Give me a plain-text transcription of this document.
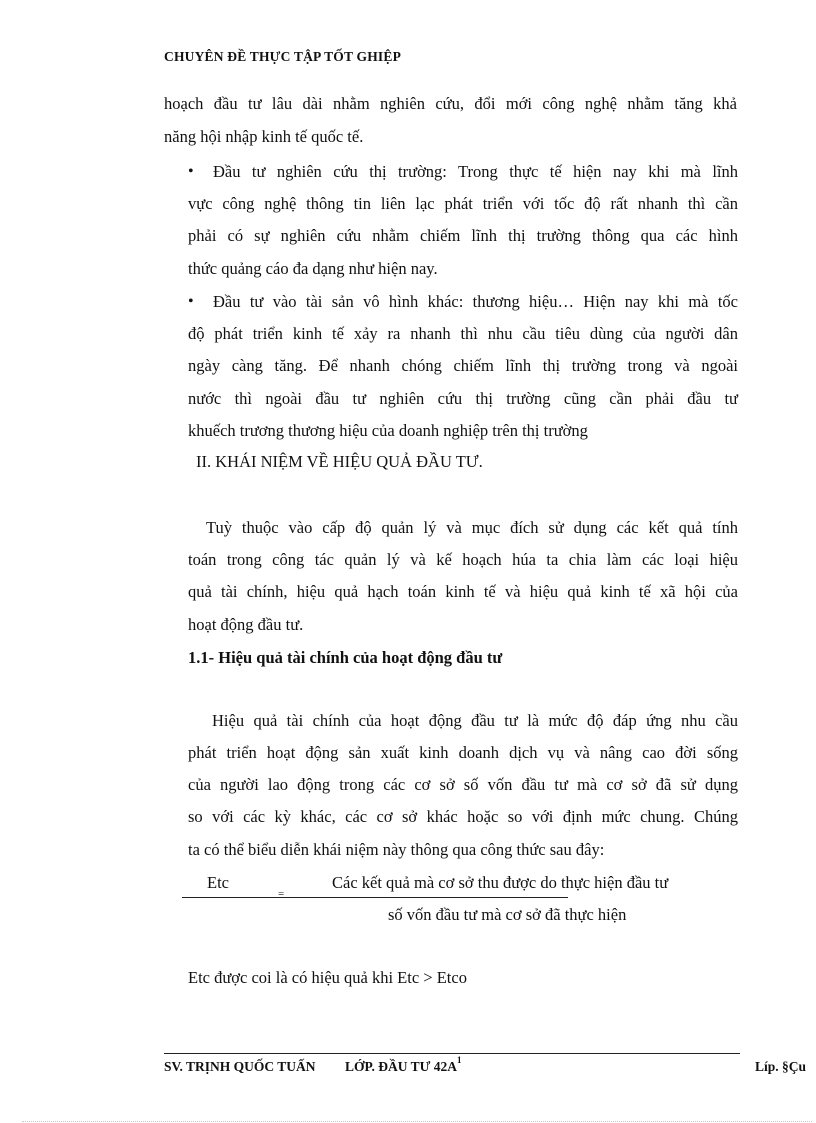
CHUYÊN ĐỀ THỰC TẬP TỐT GHIỆP
hoạch đầu tư lâu dài nhằm nghiên cứu, đổi mới công nghệ nhằm tăng khả
năng hội nhập kinh tế quốc tế.
• Đầu tư nghiên cứu thị trường: Trong thực tế hiện nay khi mà lĩnh
vực công nghệ thông tin liên lạc phát triển với tốc độ rất nhanh thì cần
phải có sự nghiên cứu nhằm chiếm lĩnh thị trường thông qua các hình
thức quảng cáo đa dạng như hiện nay.
• Đầu tư vào tài sản vô hình khác: thương hiệu… Hiện nay khi mà tốc
độ phát triển kinh tế xảy ra nhanh thì nhu cầu tiêu dùng của người dân
ngày càng tăng. Để nhanh chóng chiếm lĩnh thị trường trong và ngoài
nước thì ngoài đầu tư nghiên cứu thị trường cũng cần phải đầu tư
khuếch trương thương hiệu của doanh nghiệp trên thị trường
II. KHÁI NIỆM VỀ HIỆU QUẢ ĐẦU TƯ.
Tuỳ thuộc vào cấp độ quản lý và mục đích sử dụng các kết quả tính
toán trong công tác quản lý và kế hoạch húa ta chia làm các loại hiệu
quả tài chính, hiệu quả hạch toán kinh tế và hiệu quả kinh tế xã hội của
hoạt động đầu tư.
1.1- Hiệu quả tài chính của hoạt động đầu tư
Hiệu quả tài chính của hoạt động đầu tư là mức độ đáp ứng nhu cầu
phát triển hoạt động sản xuất kinh doanh dịch vụ và nâng cao đời sống
của người lao động trong các cơ sở số vốn đầu tư mà cơ sở đã sử dụng
so với các kỳ khác, các cơ sở khác hoặc so với định mức chung. Chúng
ta có thể biểu diễn khái niệm này thông qua công thức sau đây:
Etc	Các kết quả mà cơ sở thu được do thực hiện đầu tư
=
số vốn đầu tư mà cơ sở đã thực hiện
Etc được coi là có hiệu quả khi Etc > Etco
SV. TRỊNH QUỐC TUẤN LỚP. ĐẦU TƯ 42A 1	Líp. §Çu
